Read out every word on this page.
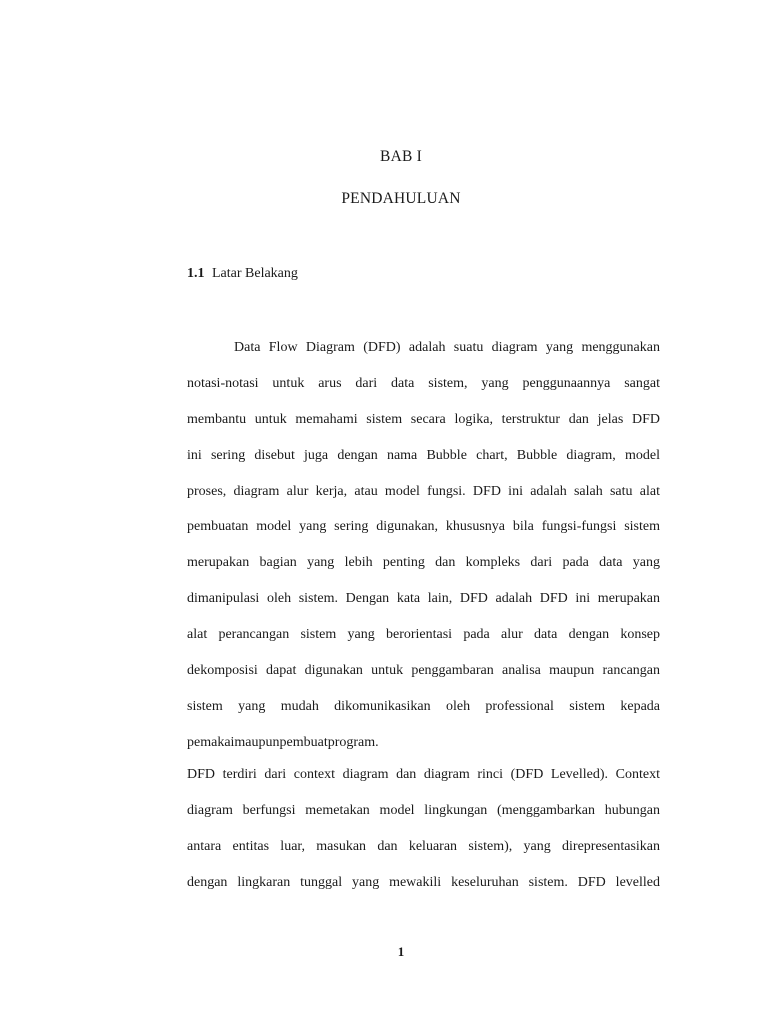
BAB I
PENDAHULUAN
1.1 Latar Belakang
Data Flow Diagram (DFD) adalah suatu diagram yang menggunakan
notasi-notasi untuk arus dari data sistem, yang penggunaannya sangat
membantu untuk memahami sistem secara logika, terstruktur dan jelas DFD
ini sering disebut juga dengan nama Bubble chart, Bubble diagram, model
proses, diagram alur kerja, atau model fungsi. DFD ini adalah salah satu alat
pembuatan model yang sering digunakan, khususnya bila fungsi-fungsi sistem
merupakan bagian yang lebih penting dan kompleks dari pada data yang
dimanipulasi oleh sistem. Dengan kata lain, DFD adalah DFD ini merupakan
alat perancangan sistem yang berorientasi pada alur data dengan konsep
dekomposisi dapat digunakan untuk penggambaran analisa maupun rancangan
sistem yang mudah dikomunikasikan oleh professional sistem kepada
pemakaimaupunpembuatprogram.
DFD terdiri dari context diagram dan diagram rinci (DFD Levelled). Context
diagram berfungsi memetakan model lingkungan (menggambarkan hubungan
antara entitas luar, masukan dan keluaran sistem), yang direpresentasikan
dengan lingkaran tunggal yang mewakili keseluruhan sistem. DFD levelled
1
